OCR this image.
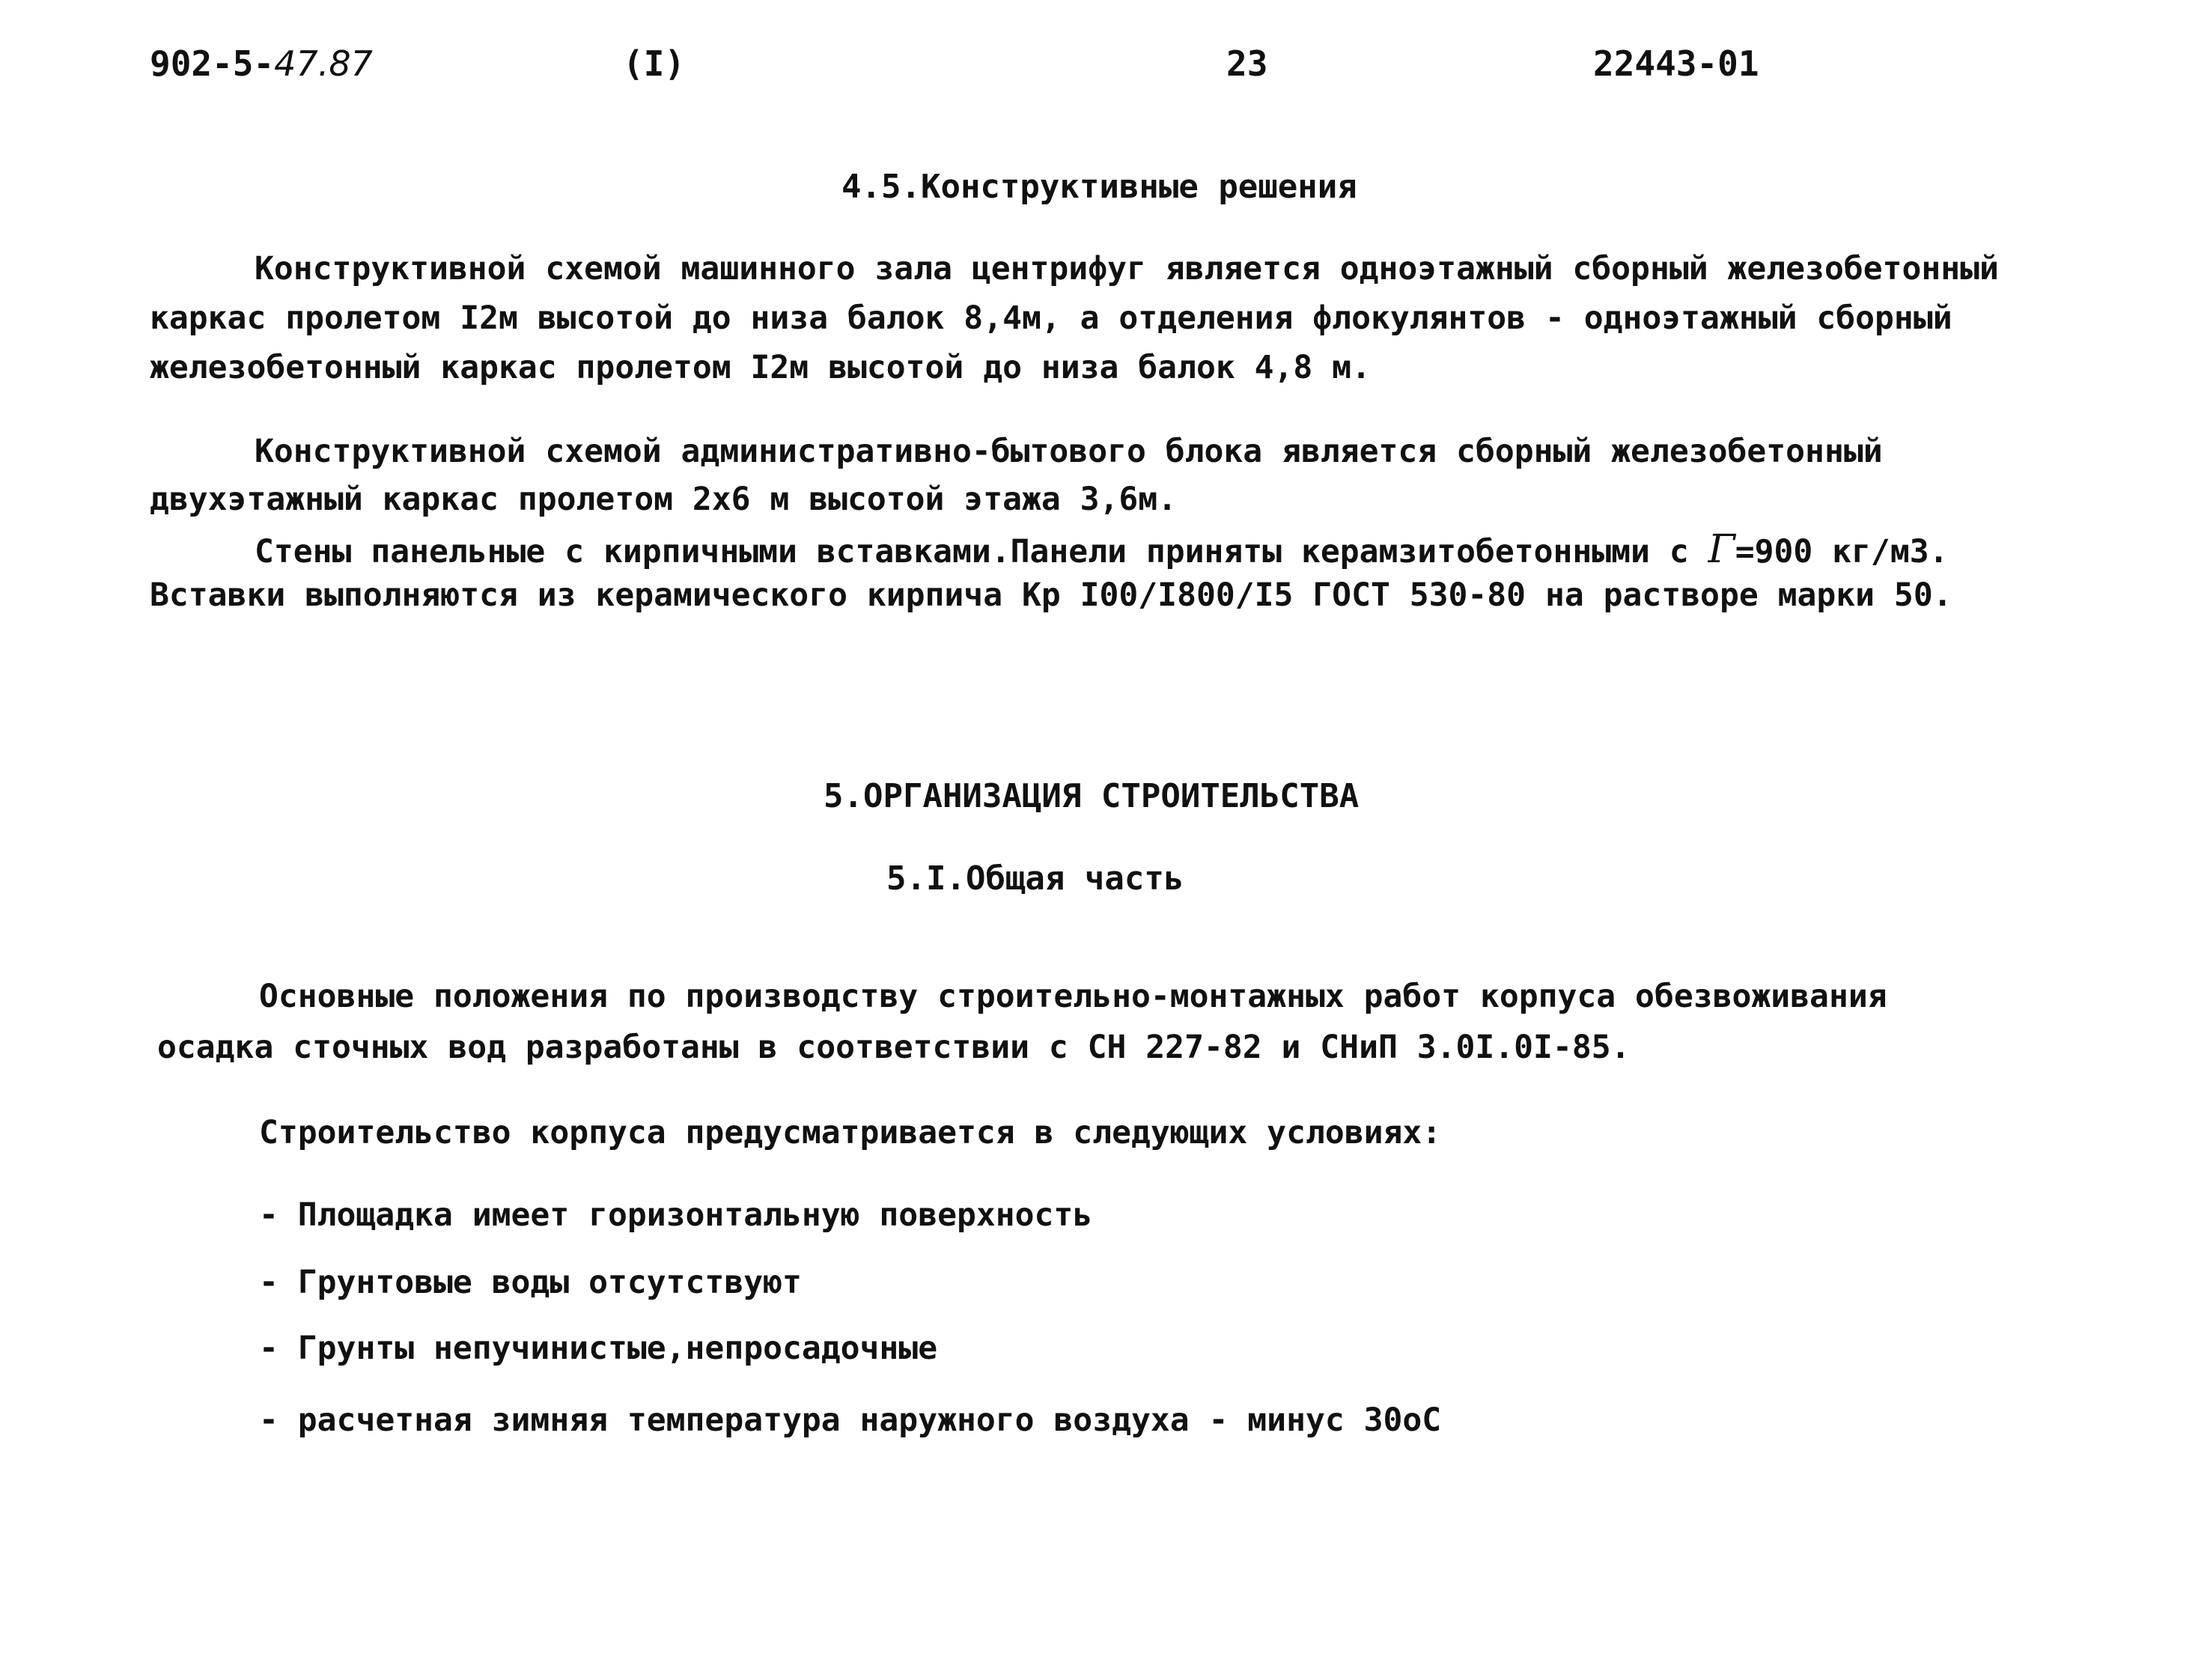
902-5-47.87	(I)	23	22443-01
4.5.Конструктивные решения
Конструктивной схемой машинного зала центрифуг является одноэтажный сборный железобетонный
каркас пролетом I2м высотой до низа балок 8,4м, а отделения флокулянтов - одноэтажный сборный
железобетонный каркас пролетом I2м высотой до низа балок 4,8 м.
Конструктивной схемой административно-бытового блока является сборный железобетонный
двухэтажный каркас пролетом 2х6 м высотой этажа 3,6м.
Стены панельные с кирпичными вставками.Панели приняты керамзитобетонными с Γ=900 кг/м3.
Вставки выполняются из керамического кирпича Кр I00/I800/I5 ГОСТ 530-80 на растворе марки 50.
5.ОРГАНИЗАЦИЯ СТРОИТЕЛЬСТВА
5.I.Общая часть
Основные положения по производству строительно-монтажных работ корпуса обезвоживания
осадка сточных вод разработаны в соответствии с СН 227-82 и СНиП 3.0I.0I-85.
Строительство корпуса предусматривается в следующих условиях:
- Площадка имеет горизонтальную поверхность
- Грунтовые воды отсутствуют
- Грунты непучинистые,непросадочные
- расчетная зимняя температура наружного воздуха - минус 30оС
